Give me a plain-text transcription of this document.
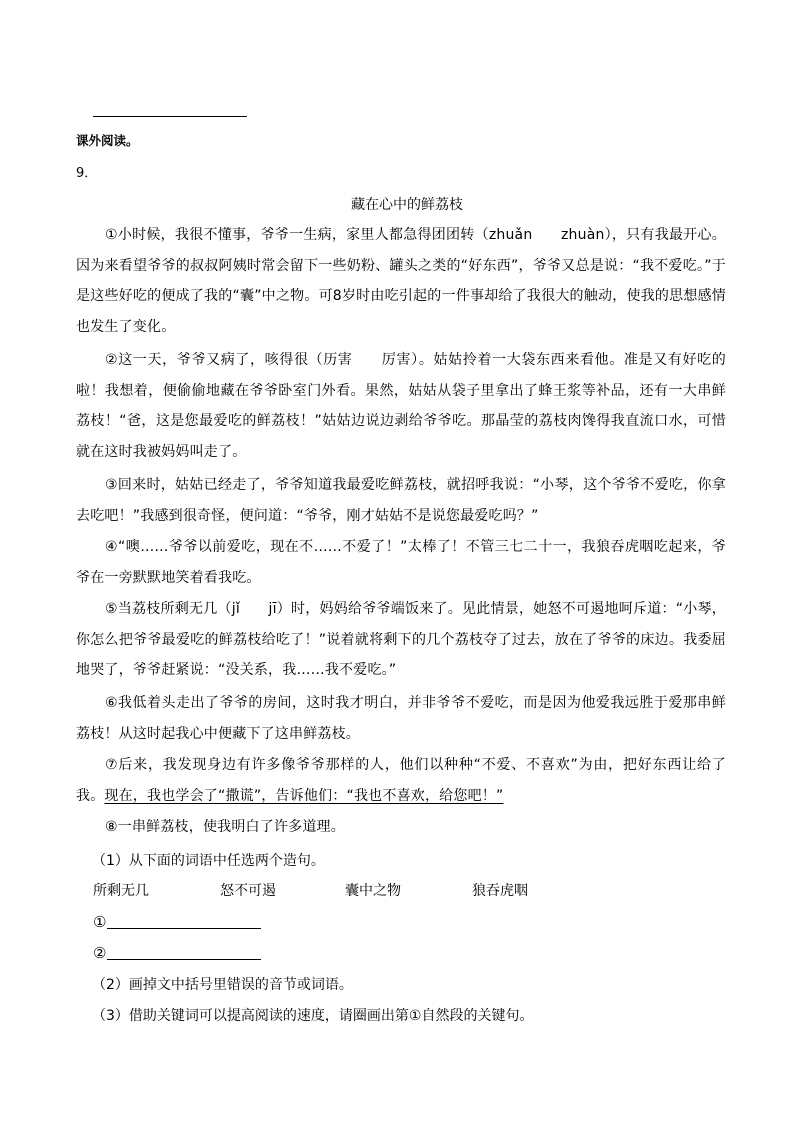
课外阅读。
9．
藏在心中的鲜荔枝
①小时候，我很不懂事，爷爷一生病，家里人都急得团团转（zhuǎn　　zhuàn），只有我最开心。因为来看望爷爷的叔叔阿姨时常会留下一些奶粉、罐头之类的“好东西”，爷爷又总是说：“我不爱吃。”于是这些好吃的便成了我的“囊”中之物。可8岁时由吃引起的一件事却给了我很大的触动，使我的思想感情也发生了变化。
②这一天，爷爷又病了，咳得很（历害　　厉害）。姑姑拎着一大袋东西来看他。准是又有好吃的啦！我想着，便偷偷地藏在爷爷卧室门外看。果然，姑姑从袋子里拿出了蜂王浆等补品，还有一大串鲜荔枝！“爸，这是您最爱吃的鲜荔枝！”姑姑边说边剥给爷爷吃。那晶莹的荔枝肉馋得我直流口水，可惜就在这时我被妈妈叫走了。
③回来时，姑姑已经走了，爷爷知道我最爱吃鲜荔枝，就招呼我说：“小琴，这个爷爷不爱吃，你拿去吃吧！”我感到很奇怪，便问道：“爷爷，刚才姑姑不是说您最爱吃吗？”
④“噢……爷爷以前爱吃，现在不……不爱了！”太棒了！不管三七二十一，我狼吞虎咽吃起来，爷爷在一旁默默地笑着看我吃。
⑤当荔枝所剩无几（jǐ　　jī）时，妈妈给爷爷端饭来了。见此情景，她怒不可遏地呵斥道：“小琴，你怎么把爷爷最爱吃的鲜荔枝给吃了！”说着就将剩下的几个荔枝夺了过去，放在了爷爷的床边。我委屈地哭了，爷爷赶紧说：“没关系，我……我不爱吃。”
⑥我低着头走出了爷爷的房间，这时我才明白，并非爷爷不爱吃，而是因为他爱我远胜于爱那串鲜荔枝！从这时起我心中便藏下了这串鲜荔枝。
⑦后来，我发现身边有许多像爷爷那样的人，他们以种种“不爱、不喜欢”为由，把好东西让给了我。现在，我也学会了“撒谎”，告诉他们：“我也不喜欢，给您吧！”
⑧一串鲜荔枝，使我明白了许多道理。
（1）从下面的词语中任选两个造句。
所剩无几	怒不可遏	囊中之物	狼吞虎咽
①
②
（2）画掉文中括号里错误的音节或词语。
（3）借助关键词可以提高阅读的速度，请圈画出第①自然段的关键句。
